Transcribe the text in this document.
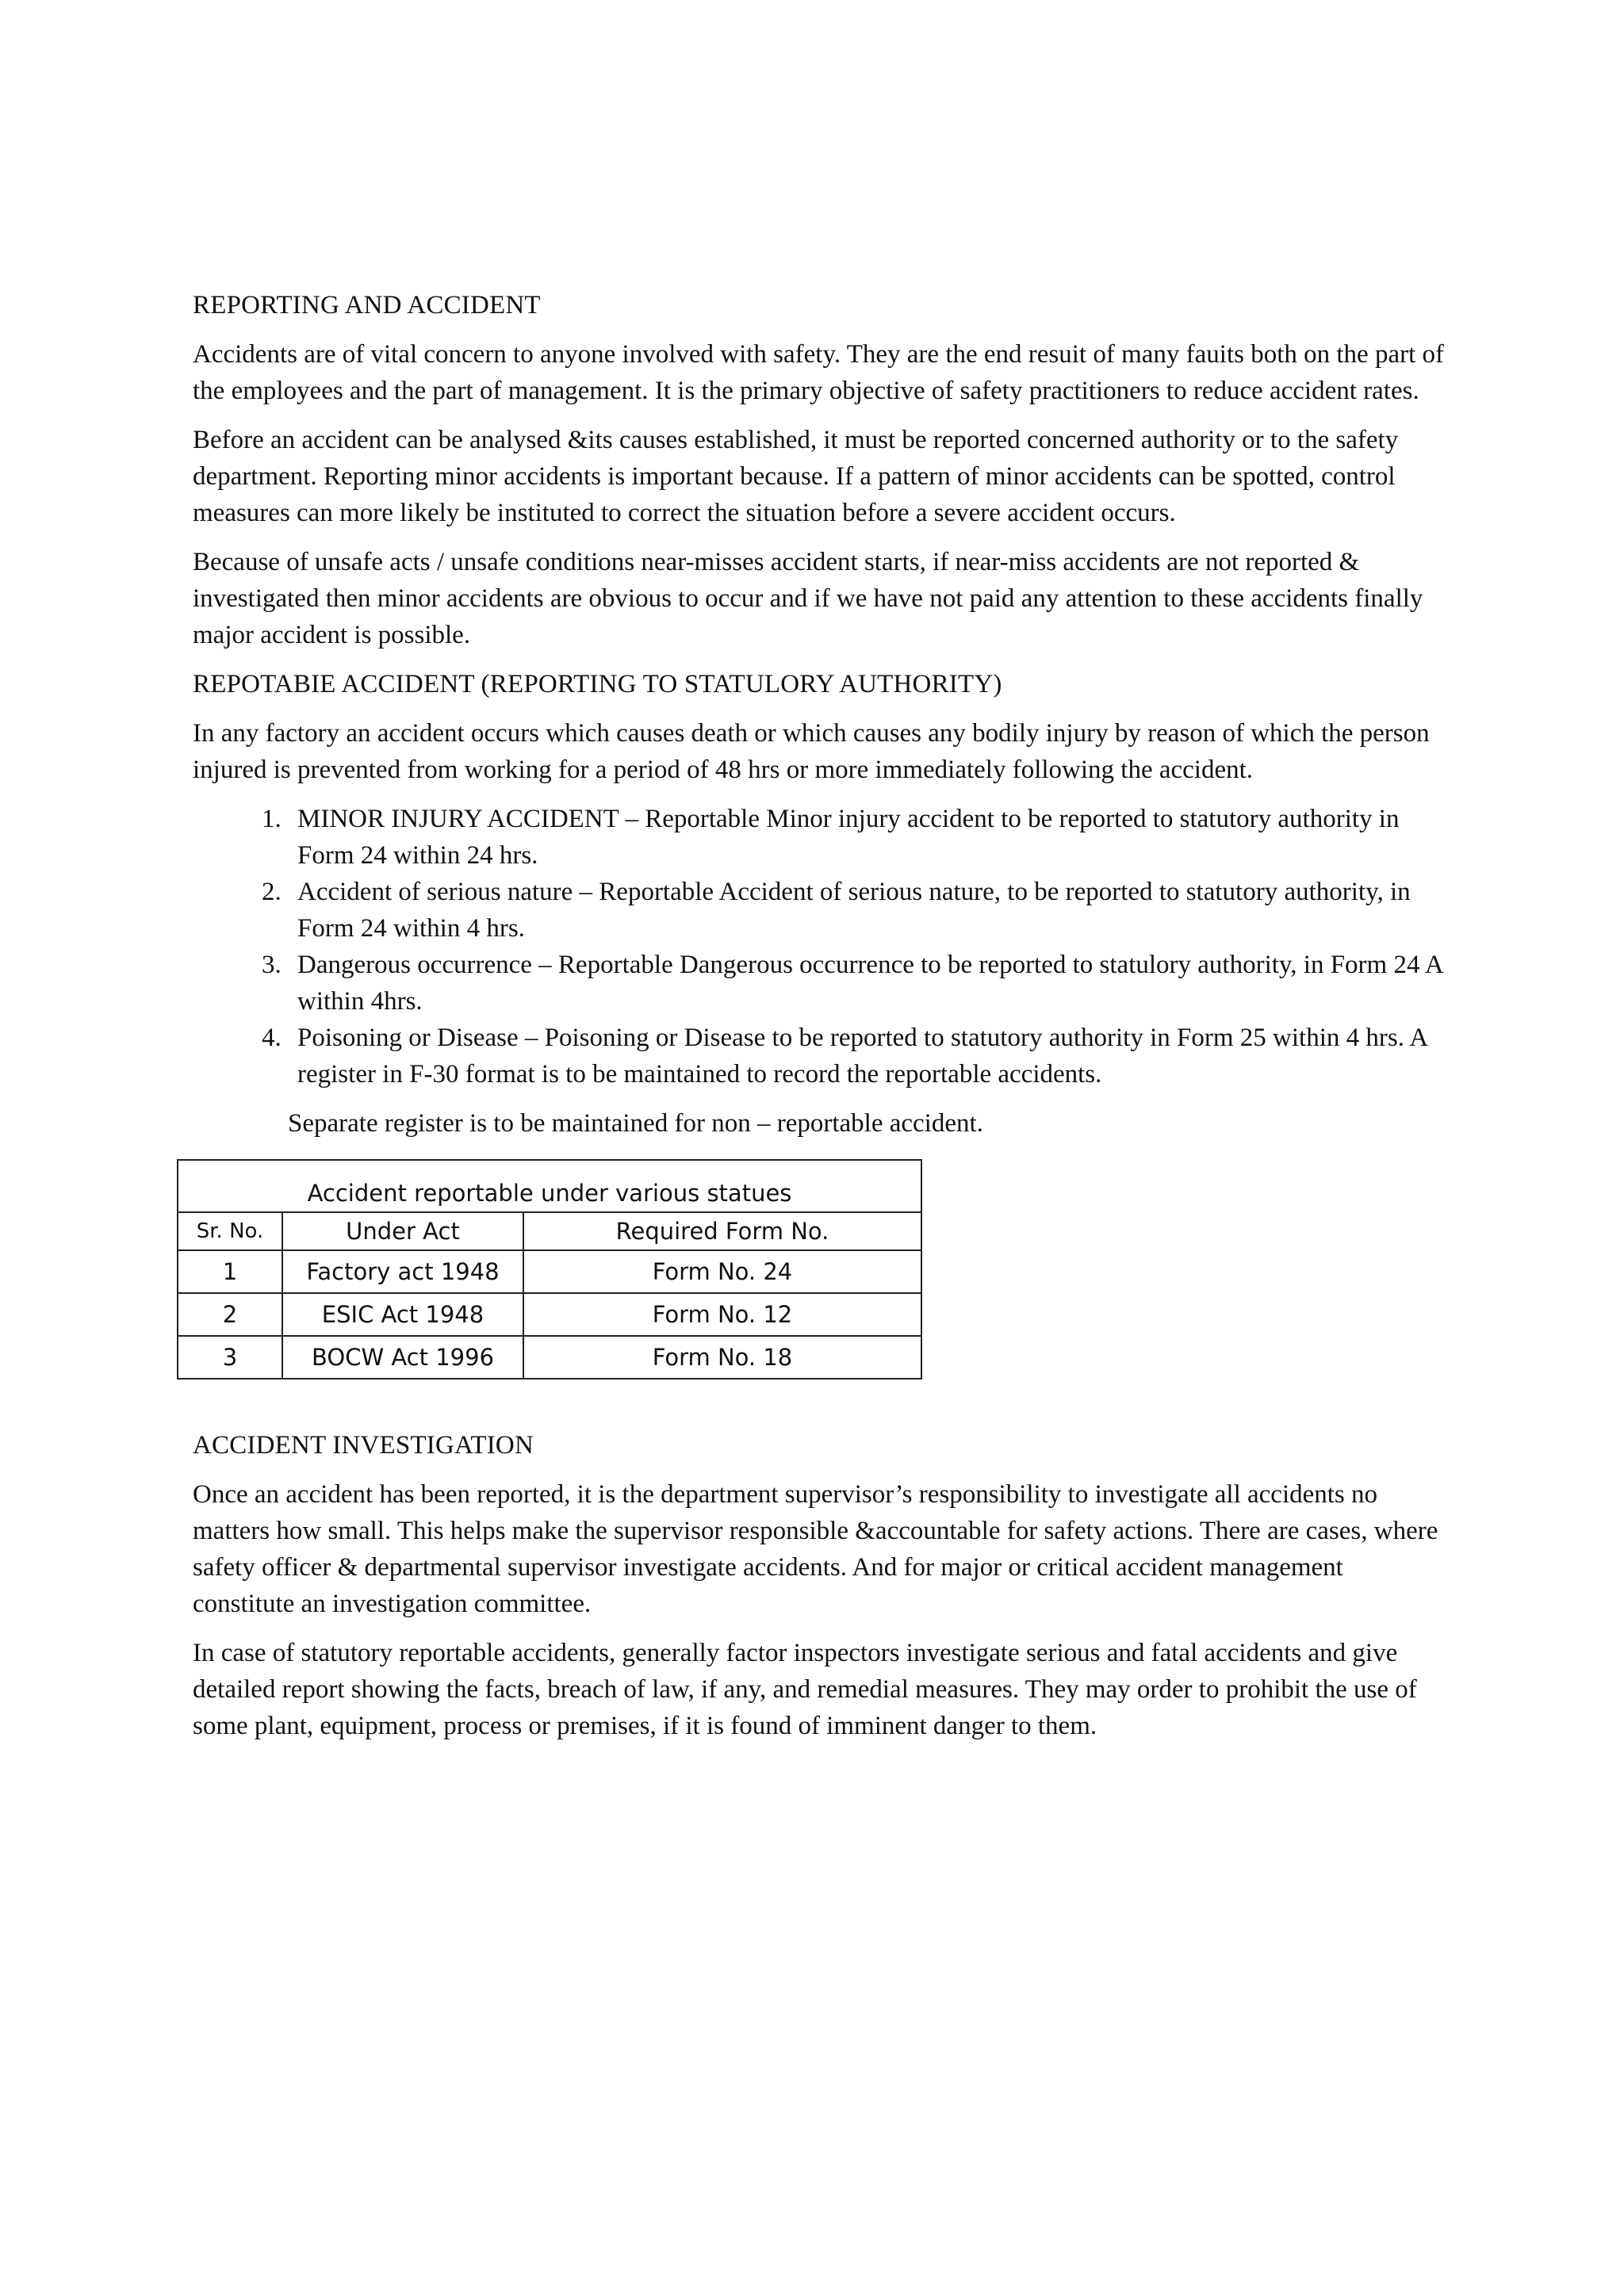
REPORTING AND ACCIDENT

Accidents are of vital concern to anyone involved with safety. They are the end resuit of many fauits both on the part of the employees and the part of management. It is the primary objective of safety practitioners to reduce accident rates.

Before an accident can be analysed &its causes established, it must be reported concerned authority or to the safety department. Reporting minor accidents is important because. If a pattern of minor accidents can be spotted, control measures can more likely be instituted to correct the situation before a severe accident occurs.

Because of unsafe acts / unsafe conditions near-misses accident starts, if near-miss accidents are not reported & investigated then minor accidents are obvious to occur and if we have not paid any attention to these accidents finally major accident is possible.

REPOTABIE ACCIDENT (REPORTING TO STATULORY AUTHORITY)

In any factory an accident occurs which causes death or which causes any bodily injury by reason of which the person injured is prevented from working for a period of 48 hrs or more immediately following the accident.

1. MINOR INJURY ACCIDENT – Reportable Minor injury accident to be reported to statutory authority in Form 24 within 24 hrs.
2. Accident of serious nature – Reportable Accident of serious nature, to be reported to statutory authority, in Form 24 within 4 hrs.
3. Dangerous occurrence – Reportable Dangerous occurrence to be reported to statulory authority, in Form 24 A within 4hrs.
4. Poisoning or Disease – Poisoning or Disease to be reported to statutory authority in Form 25 within 4 hrs. A register in F-30 format is to be maintained to record the reportable accidents.

Separate register is to be maintained for non – reportable accident.

Accident reportable under various statues		
Sr. No.	Under Act	Required Form No.
1	Factory act 1948	Form No. 24
2	ESIC Act 1948	Form No. 12
3	BOCW Act 1996	Form No. 18
ACCIDENT INVESTIGATION

Once an accident has been reported, it is the department supervisor’s responsibility to investigate all accidents no matters how small. This helps make the supervisor responsible &accountable for safety actions. There are cases, where safety officer & departmental supervisor investigate accidents. And for major or critical accident management constitute an investigation committee.

In case of statutory reportable accidents, generally factor inspectors investigate serious and fatal accidents and give detailed report showing the facts, breach of law, if any, and remedial measures. They may order to prohibit the use of some plant, equipment, process or premises, if it is found of imminent danger to them.
